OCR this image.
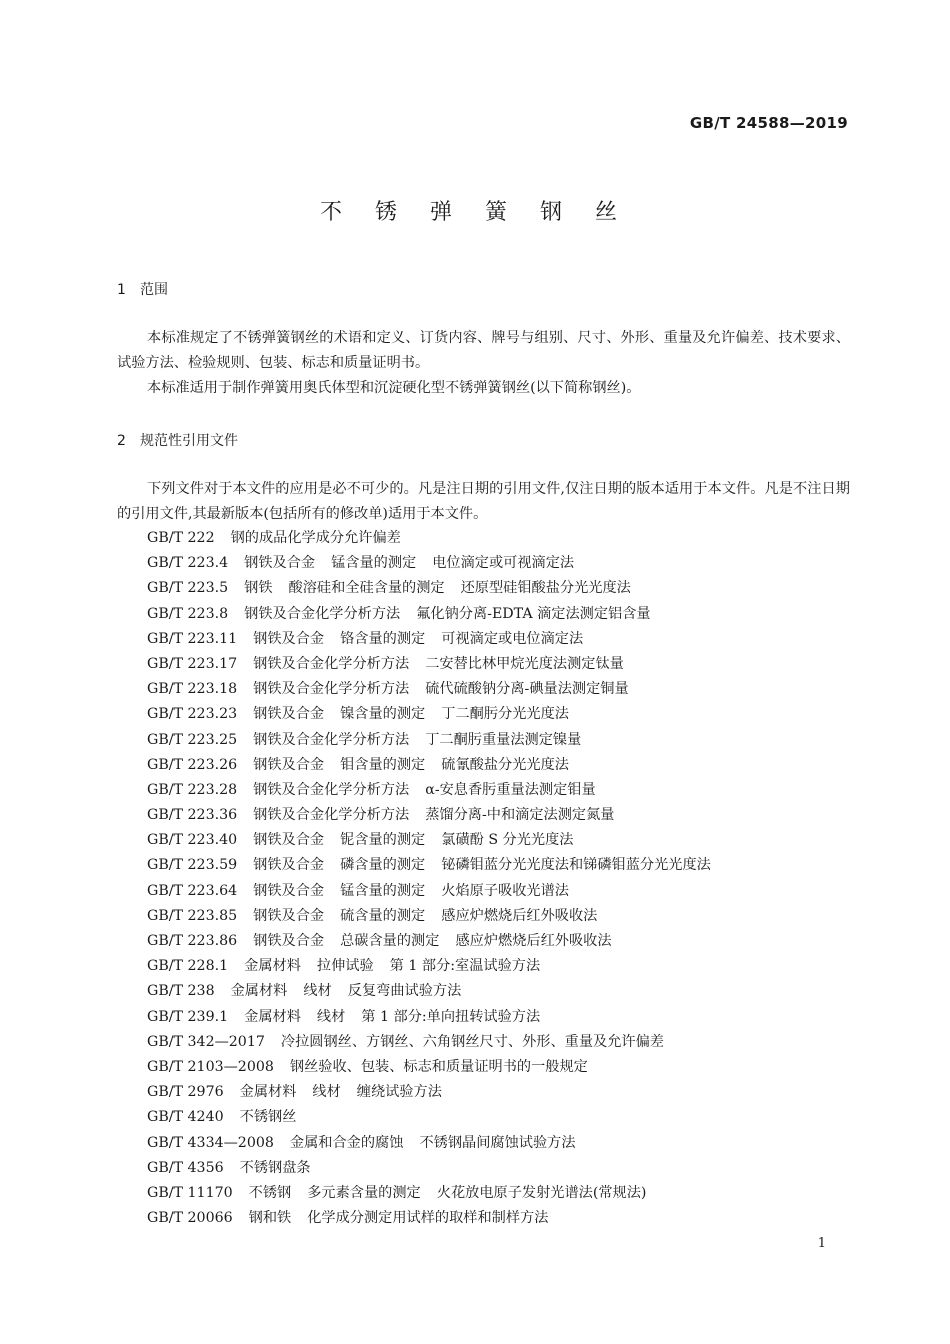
GB/T 24588—2019
不 锈 弹 簧 钢 丝
1 范围

本标准规定了不锈弹簧钢丝的术语和定义、订货内容、牌号与组别、尺寸、外形、重量及允许偏差、技术要求、试验方法、检验规则、包装、标志和质量证明书。

本标准适用于制作弹簧用奥氏体型和沉淀硬化型不锈弹簧钢丝(以下简称钢丝)。

2 规范性引用文件

下列文件对于本文件的应用是必不可少的。凡是注日期的引用文件,仅注日期的版本适用于本文件。凡是不注日期的引用文件,其最新版本(包括所有的修改单)适用于本文件。

GB/T 222 钢的成品化学成分允许偏差
GB/T 223.4 钢铁及合金 锰含量的测定 电位滴定或可视滴定法
GB/T 223.5 钢铁 酸溶硅和全硅含量的测定 还原型硅钼酸盐分光光度法
GB/T 223.8 钢铁及合金化学分析方法 氟化钠分离-EDTA 滴定法测定铝含量
GB/T 223.11 钢铁及合金 铬含量的测定 可视滴定或电位滴定法
GB/T 223.17 钢铁及合金化学分析方法 二安替比林甲烷光度法测定钛量
GB/T 223.18 钢铁及合金化学分析方法 硫代硫酸钠分离-碘量法测定铜量
GB/T 223.23 钢铁及合金 镍含量的测定 丁二酮肟分光光度法
GB/T 223.25 钢铁及合金化学分析方法 丁二酮肟重量法测定镍量
GB/T 223.26 钢铁及合金 钼含量的测定 硫氰酸盐分光光度法
GB/T 223.28 钢铁及合金化学分析方法 α-安息香肟重量法测定钼量
GB/T 223.36 钢铁及合金化学分析方法 蒸馏分离-中和滴定法测定氮量
GB/T 223.40 钢铁及合金 铌含量的测定 氯磺酚 S 分光光度法
GB/T 223.59 钢铁及合金 磷含量的测定 铋磷钼蓝分光光度法和锑磷钼蓝分光光度法
GB/T 223.64 钢铁及合金 锰含量的测定 火焰原子吸收光谱法
GB/T 223.85 钢铁及合金 硫含量的测定 感应炉燃烧后红外吸收法
GB/T 223.86 钢铁及合金 总碳含量的测定 感应炉燃烧后红外吸收法
GB/T 228.1 金属材料 拉伸试验 第 1 部分:室温试验方法
GB/T 238 金属材料 线材 反复弯曲试验方法
GB/T 239.1 金属材料 线材 第 1 部分:单向扭转试验方法
GB/T 342—2017 冷拉圆钢丝、方钢丝、六角钢丝尺寸、外形、重量及允许偏差
GB/T 2103—2008 钢丝验收、包装、标志和质量证明书的一般规定
GB/T 2976 金属材料 线材 缠绕试验方法
GB/T 4240 不锈钢丝
GB/T 4334—2008 金属和合金的腐蚀 不锈钢晶间腐蚀试验方法
GB/T 4356 不锈钢盘条
GB/T 11170 不锈钢 多元素含量的测定 火花放电原子发射光谱法(常规法)
GB/T 20066 钢和铁 化学成分测定用试样的取样和制样方法
1
